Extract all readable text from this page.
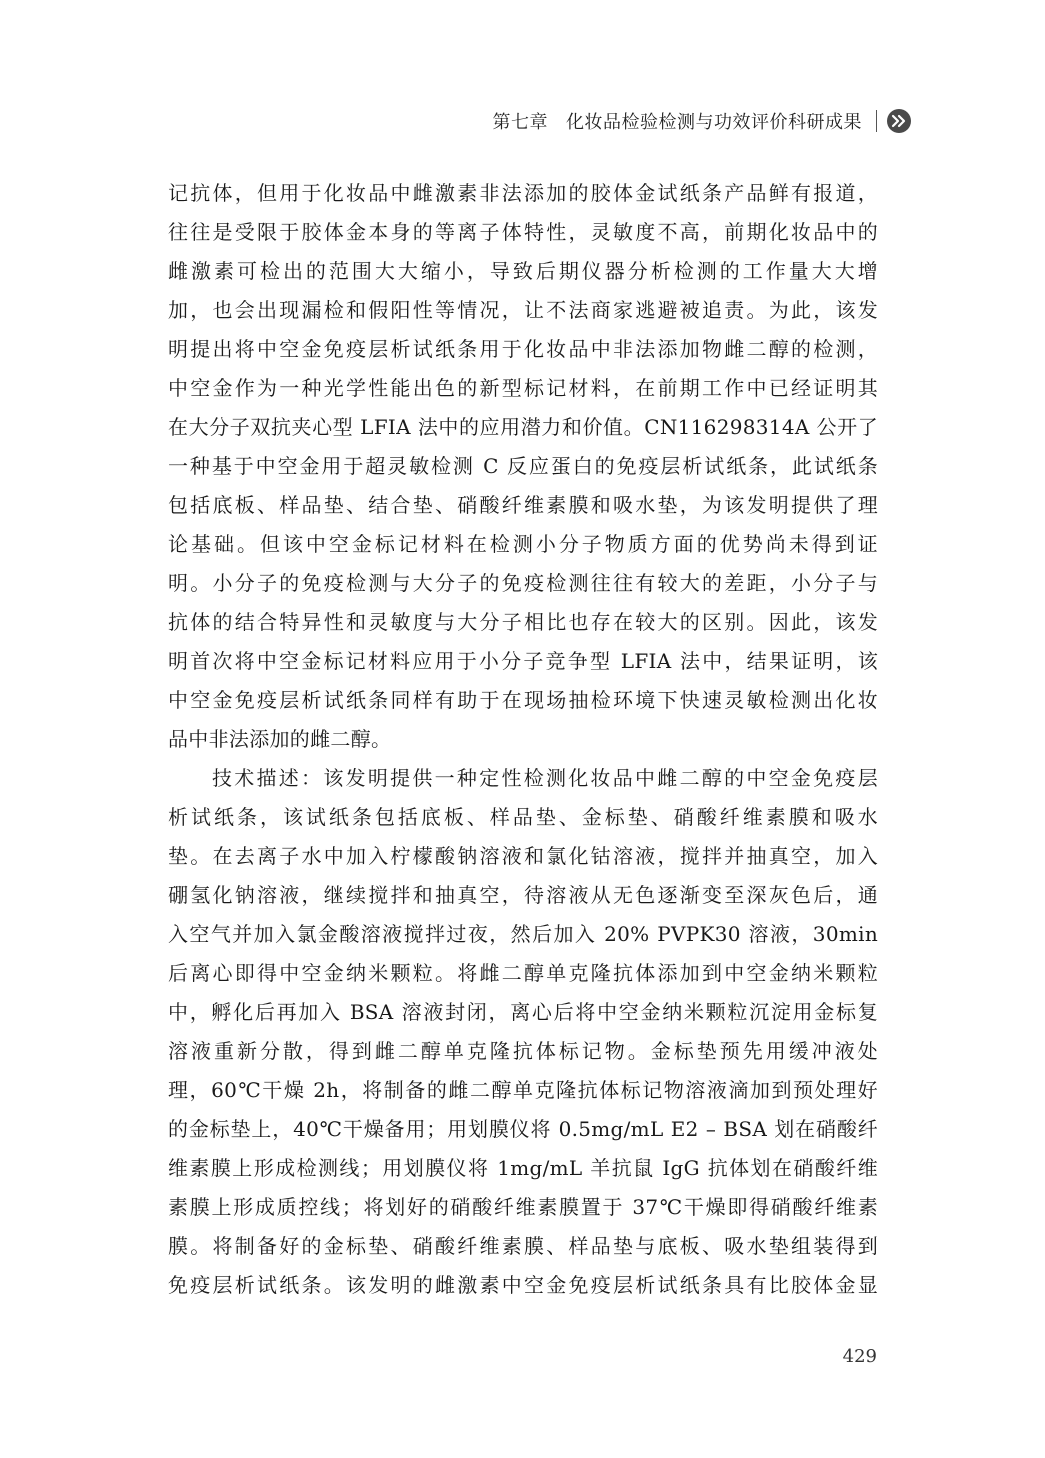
第七章 化妆品检验检测与功效评价科研成果
记抗体，但用于化妆品中雌激素非法添加的胶体金试纸条产品鲜有报道，
往往是受限于胶体金本身的等离子体特性，灵敏度不高，前期化妆品中的
雌激素可检出的范围大大缩小，导致后期仪器分析检测的工作量大大增
加，也会出现漏检和假阳性等情况，让不法商家逃避被追责。为此，该发
明提出将中空金免疫层析试纸条用于化妆品中非法添加物雌二醇的检测，
中空金作为一种光学性能出色的新型标记材料，在前期工作中已经证明其
在大分子双抗夹心型 LFIA 法中的应用潜力和价值。CN116298314A 公开了
一种基于中空金用于超灵敏检测 C 反应蛋白的免疫层析试纸条，此试纸条
包括底板、样品垫、结合垫、硝酸纤维素膜和吸水垫，为该发明提供了理
论基础。但该中空金标记材料在检测小分子物质方面的优势尚未得到证
明。小分子的免疫检测与大分子的免疫检测往往有较大的差距，小分子与
抗体的结合特异性和灵敏度与大分子相比也存在较大的区别。因此，该发
明首次将中空金标记材料应用于小分子竞争型 LFIA 法中，结果证明，该
中空金免疫层析试纸条同样有助于在现场抽检环境下快速灵敏检测出化妆
品中非法添加的雌二醇。
技术描述：该发明提供一种定性检测化妆品中雌二醇的中空金免疫层
析试纸条，该试纸条包括底板、样品垫、金标垫、硝酸纤维素膜和吸水
垫。在去离子水中加入柠檬酸钠溶液和氯化钴溶液，搅拌并抽真空，加入
硼氢化钠溶液，继续搅拌和抽真空，待溶液从无色逐渐变至深灰色后，通
入空气并加入氯金酸溶液搅拌过夜，然后加入 20% PVPK30 溶液，30min
后离心即得中空金纳米颗粒。将雌二醇单克隆抗体添加到中空金纳米颗粒
中，孵化后再加入 BSA 溶液封闭，离心后将中空金纳米颗粒沉淀用金标复
溶液重新分散，得到雌二醇单克隆抗体标记物。金标垫预先用缓冲液处
理，60℃干燥 2h，将制备的雌二醇单克隆抗体标记物溶液滴加到预处理好
的金标垫上，40℃干燥备用；用划膜仪将 0.5mg/mL E2 – BSA 划在硝酸纤
维素膜上形成检测线；用划膜仪将 1mg/mL 羊抗鼠 IgG 抗体划在硝酸纤维
素膜上形成质控线；将划好的硝酸纤维素膜置于 37℃干燥即得硝酸纤维素
膜。将制备好的金标垫、硝酸纤维素膜、样品垫与底板、吸水垫组装得到
免疫层析试纸条。该发明的雌激素中空金免疫层析试纸条具有比胶体金显
429
